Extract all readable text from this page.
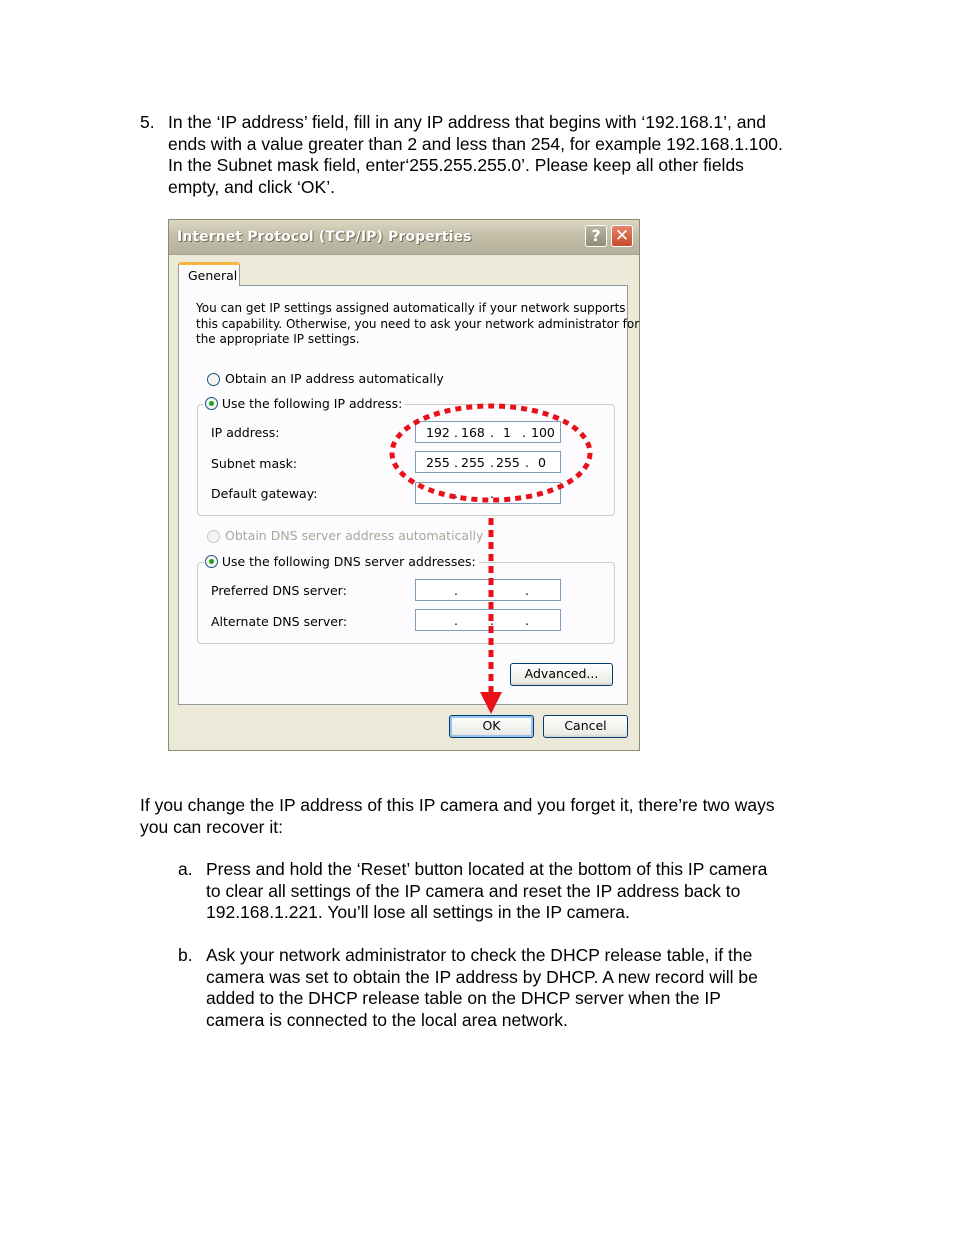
5. In the ‘IP address’ field, fill in any IP address that begins with ‘192.168.1’, and
ends with a value greater than 2 and less than 254, for example 192.168.1.100.
In the Subnet mask field, enter‘255.255.255.0’. Please keep all other fields
empty, and click ‘OK’.
Internet Protocol (TCP/IP) Properties	? ✕
General
You can get IP settings assigned automatically if your network supports
this capability. Otherwise, you need to ask your network administrator for
the appropriate IP settings.
Obtain an IP address automatically
Use the following IP address:
IP address:	192 . 168 . 1 . 100
Subnet mask:	255 . 255 . 255 . 0
Default gateway:	.	. .
Obtain DNS server address automatically
Use the following DNS server addresses:
Preferred DNS server:	.	. .
Alternate DNS server:	.	. .
Advanced...
OK	Cancel
If you change the IP address of this IP camera and you forget it, there’re two ways
you can recover it:
a. Press and hold the ‘Reset’ button located at the bottom of this IP camera
to clear all settings of the IP camera and reset the IP address back to
192.168.1.221. You’ll lose all settings in the IP camera.
b. Ask your network administrator to check the DHCP release table, if the
camera was set to obtain the IP address by DHCP. A new record will be
added to the DHCP release table on the DHCP server when the IP
camera is connected to the local area network.
